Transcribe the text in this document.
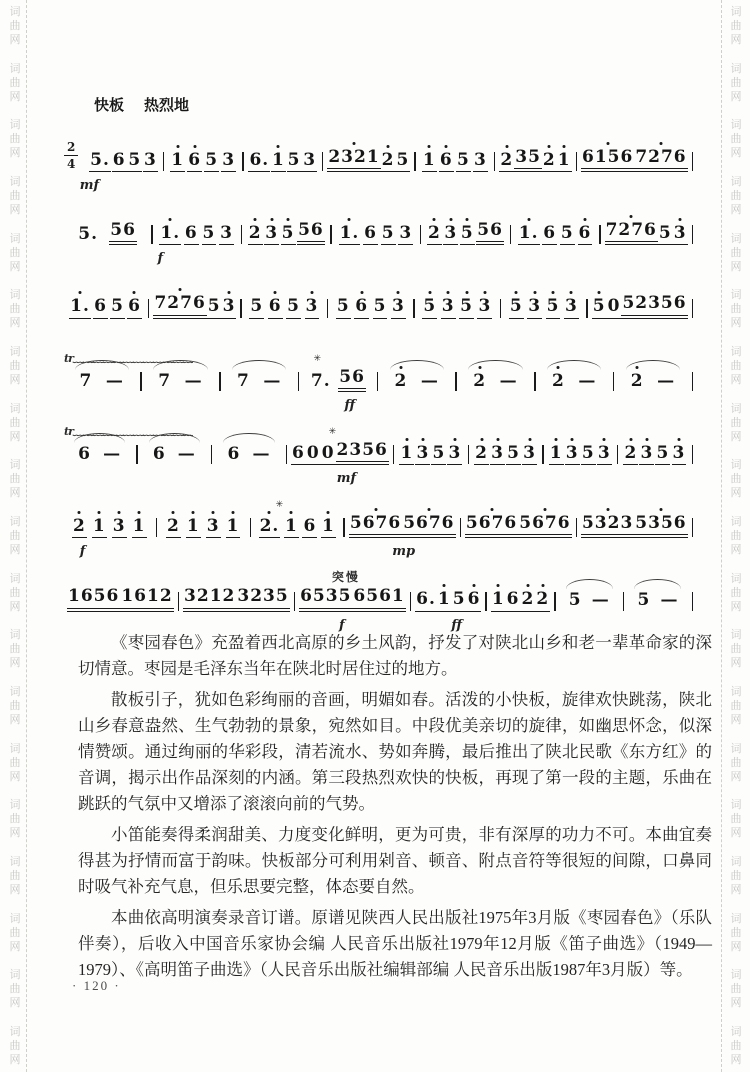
词
曲
网
词
曲
网
词
曲
网
词
曲
网
词
曲
网
词
曲
网
词
曲
网
词
曲
网
词
曲
网
词
曲
网
词
曲
网
词
曲
网
词
曲
网
词
曲
网
词
曲
网
词
曲
网
词
曲
网
词
曲
网
词
曲
网
词
曲
网
词
曲
网
词
曲
网
词
曲
网
词
曲
网
词
曲
网
词
曲
网
词
曲
网
词
曲
网
词
曲
网
词
曲
网
词
曲
网
词
曲
网
词
曲
网
词
曲
网
词
曲
网
词
曲
网
词
曲
网
词
曲
网
快板 热烈地
mf
$\frac{2}{4} 5$. 6 5 3 1 6 5 3 6. 1 5 3 2321 2 5 1 6 5 3 2 35 2 1 6156 7276
f
5. 56 1. 6 5 3 2 3 5 56 1. 6 5 3 2 3 5 56 1. 6 5 6 7276 5 3
1. 6 5 6 7276 5 3 5 6 5 3 5 6 5 3 5 3 5 3 5 3 5 3 5 0 52356
tr﹏﹏﹏﹏﹏﹏﹏﹏﹏﹏﹏﹏	✳
ff
7 — 7 — 7 — 7. 56 2 — 2 — 2 — 2 —
tr﹏﹏﹏﹏﹏﹏﹏﹏﹏﹏﹏﹏	✳
mf
6 — 6 — 6 — 6 0 0 2356 1 3 5 3 2 3 5 3 1 3 5 3 2 3 5 3
✳
f	mp
2 1 3 1 2 1 3 1 2. 1 6 1 5676 5676 5676 5676 5323 5356
突慢
f	ff
1656 1612 3212 3235 6535 6561 6. 1 5 6 1 6 2 2 5 — 5 —

《枣园春色》充盈着西北高原的乡土风韵，抒发了对陕北山乡和老一辈革命家的深切情意。枣园是毛泽东当年在陕北时居住过的地方。

散板引子，犹如色彩绚丽的音画，明媚如春。活泼的小快板，旋律欢快跳荡，陕北山乡春意盎然、生气勃勃的景象，宛然如目。中段优美亲切的旋律，如幽思怀念，似深情赞颂。通过绚丽的华彩段，清若流水、势如奔腾，最后推出了陕北民歌《东方红》的音调，揭示出作品深刻的内涵。第三段热烈欢快的快板，再现了第一段的主题，乐曲在跳跃的气氛中又增添了滚滚向前的气势。

小笛能奏得柔润甜美、力度变化鲜明，更为可贵，非有深厚的功力不可。本曲宜奏得甚为抒情而富于韵味。快板部分可利用剁音、顿音、附点音符等很短的间隙，口鼻同时吸气补充气息，但乐思要完整，体态要自然。

本曲依高明演奏录音订谱。原谱见陕西人民出版社1975年3月版《枣园春色》（乐队伴奏），后收入中国音乐家协会编 人民音乐出版社1979年12月版《笛子曲选》（1949—1979）、《高明笛子曲选》（人民音乐出版社编辑部编 人民音乐出版1987年3月版）等。

· 120 ·
